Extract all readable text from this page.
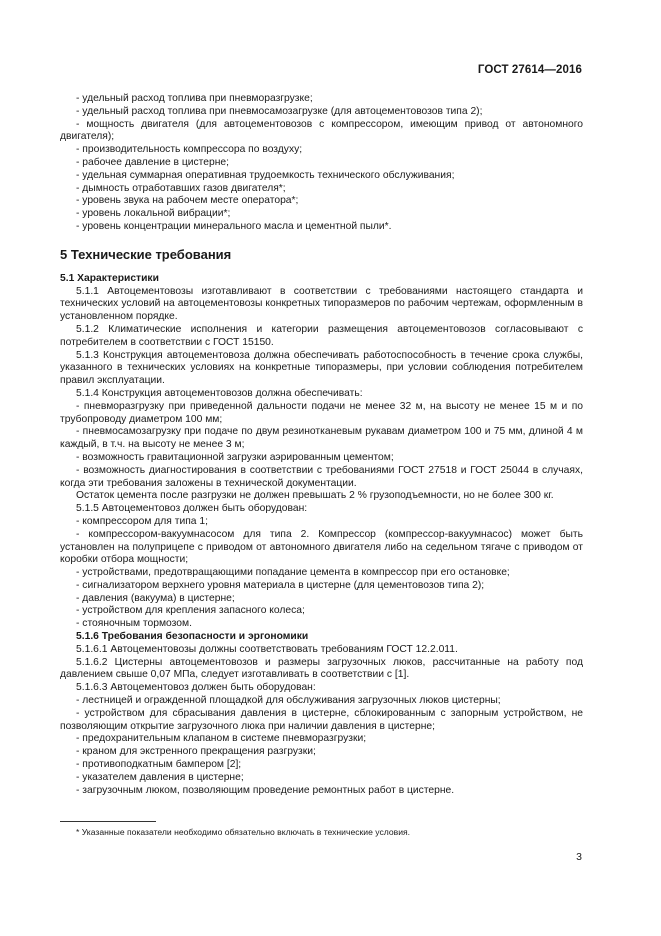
ГОСТ 27614—2016

- удельный расход топлива при пневморазгрузке;

- удельный расход топлива при пневмосамозагрузке (для автоцементовозов типа 2);

- мощность двигателя (для автоцементовозов с компрессором, имеющим привод от автономного двигателя);

- производительность компрессора по воздуху;

- рабочее давление в цистерне;

- удельная суммарная оперативная трудоемкость технического обслуживания;

- дымность отработавших газов двигателя*;

- уровень звука на рабочем месте оператора*;

- уровень локальной вибрации*;

- уровень концентрации минерального масла и цементной пыли*.

5 Технические требования

5.1 Характеристики

5.1.1 Автоцементовозы изготавливают в соответствии с требованиями настоящего стандарта и технических условий на автоцементовозы конкретных типоразмеров по рабочим чертежам, оформленным в установленном порядке.

5.1.2 Климатические исполнения и категории размещения автоцементовозов согласовывают с потребителем в соответствии с ГОСТ 15150.

5.1.3 Конструкция автоцементовоза должна обеспечивать работоспособность в течение срока службы, указанного в технических условиях на конкретные типоразмеры, при условии соблюдения потребителем правил эксплуатации.

5.1.4 Конструкция автоцементовозов должна обеспечивать:

- пневморазгрузку при приведенной дальности подачи не менее 32 м, на высоту не менее 15 м и по трубопроводу диаметром 100 мм;

- пневмосамозагрузку при подаче по двум резинотканевым рукавам диаметром 100 и 75 мм, длиной 4 м каждый, в т.ч. на высоту не менее 3 м;

- возможность гравитационной загрузки аэрированным цементом;

- возможность диагностирования в соответствии с требованиями ГОСТ 27518 и ГОСТ 25044 в случаях, когда эти требования заложены в технической документации.

Остаток цемента после разгрузки не должен превышать 2 % грузоподъемности, но не более 300 кг.

5.1.5 Автоцементовоз должен быть оборудован:

- компрессором для типа 1;

- компрессором-вакуумнасосом для типа 2. Компрессор (компрессор-вакуумнасос) может быть установлен на полуприцепе с приводом от автономного двигателя либо на седельном тягаче с приводом от коробки отбора мощности;

- устройствами, предотвращающими попадание цемента в компрессор при его остановке;

- сигнализатором верхнего уровня материала в цистерне (для цементовозов типа 2);

- давления (вакуума) в цистерне;

- устройством для крепления запасного колеса;

- стояночным тормозом.

5.1.6 Требования безопасности и эргономики

5.1.6.1 Автоцементовозы должны соответствовать требованиям ГОСТ 12.2.011.

5.1.6.2 Цистерны автоцементовозов и размеры загрузочных люков, рассчитанные на работу под давлением свыше 0,07 МПа, следует изготавливать в соответствии с [1].

5.1.6.3 Автоцементовоз должен быть оборудован:

- лестницей и огражденной площадкой для обслуживания загрузочных люков цистерны;

- устройством для сбрасывания давления в цистерне, сблокированным с запорным устройством, не позволяющим открытие загрузочного люка при наличии давления в цистерне;

- предохранительным клапаном в системе пневморазгрузки;

- краном для экстренного прекращения разгрузки;

- противоподкатным бампером [2];

- указателем давления в цистерне;

- загрузочным люком, позволяющим проведение ремонтных работ в цистерне.

* Указанные показатели необходимо обязательно включать в технические условия.
3
